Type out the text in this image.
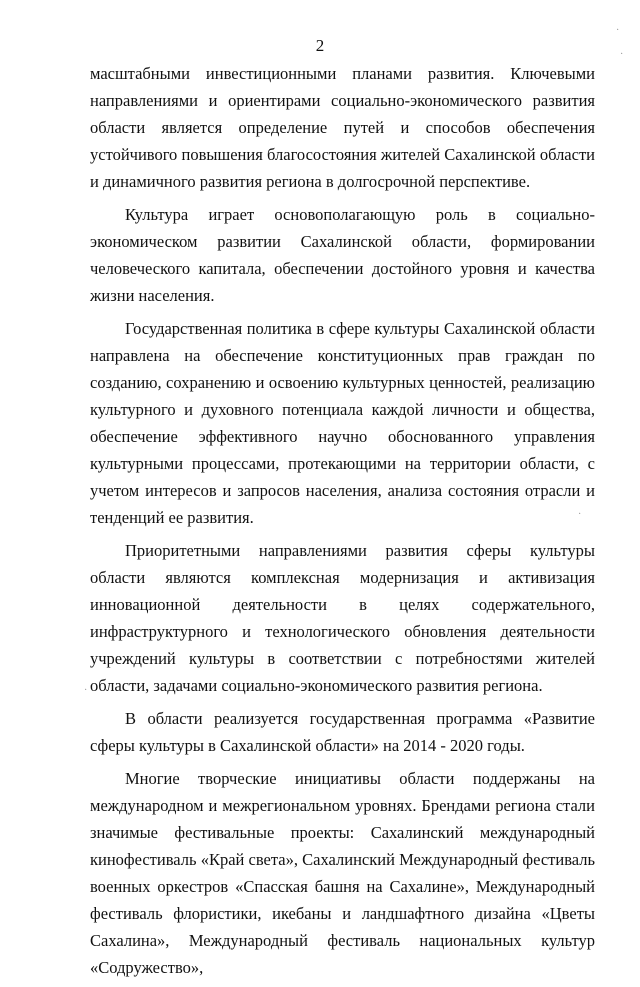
2

масштабными инвестиционными планами развития. Ключевыми направлениями и ориентирами социально-экономического развития области является определение путей и способов обеспечения устойчивого повышения благосостояния жителей Сахалинской области и динамичного развития региона в долгосрочной перспективе.

Культура играет основополагающую роль в социально-экономическом развитии Сахалинской области, формировании человеческого капитала, обеспечении достойного уровня и качества жизни населения.

Государственная политика в сфере культуры Сахалинской области направлена на обеспечение конституционных прав граждан по созданию, сохранению и освоению культурных ценностей, реализацию культурного и духовного потенциала каждой личности и общества, обеспечение эффективного научно обоснованного управления культурными процессами, протекающими на территории области, с учетом интересов и запросов населения, анализа состояния отрасли и тенденций ее развития.

Приоритетными направлениями развития сферы культуры области являются комплексная модернизация и активизация инновационной деятельности в целях содержательного, инфраструктурного и технологического обновления деятельности учреждений культуры в соответствии с потребностями жителей области, задачами социально-экономического развития региона.

В области реализуется государственная программа «Развитие сферы культуры в Сахалинской области» на 2014 - 2020 годы.

Многие творческие инициативы области поддержаны на международном и межрегиональном уровнях. Брендами региона стали значимые фестивальные проекты: Сахалинский международный кинофестиваль «Край света», Сахалинский Международный фестиваль военных оркестров «Спасская башня на Сахалине», Международный фестиваль флористики, икебаны и ландшафтного дизайна «Цветы Сахалина», Международный фестиваль национальных культур «Содружество»,

·
·
·
·
